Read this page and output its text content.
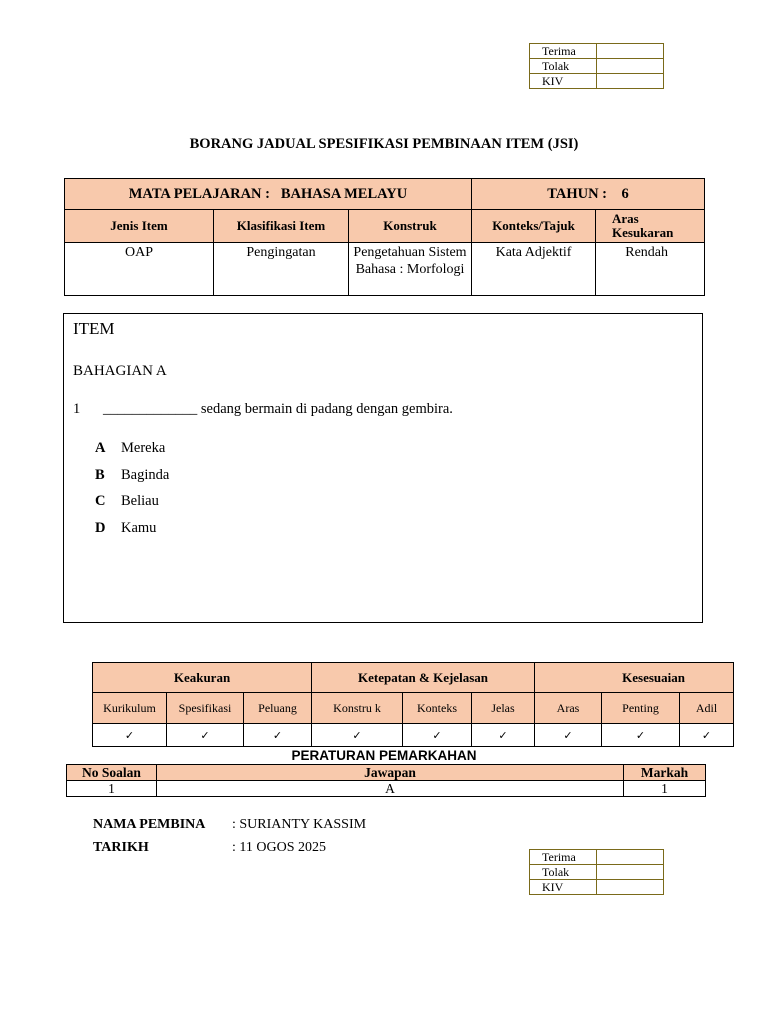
Terima	
Tolak	
KIV	
BORANG JADUAL SPESIFIKASI PEMBINAAN ITEM (JSI)
MATA PELAJARAN : BAHASA MELAYU			TAHUN : 6	
Jenis Item	Klasifikasi Item	Konstruk	Konteks/Tajuk	Aras Kesukaran
OAP	Pengingatan	Pengetahuan Sistem Bahasa : Morfologi	Kata Adjektif	Rendah
ITEM
BAHAGIAN A
1 _____________ sedang bermain di padang dengan gembira.
A Mereka
B Baginda
C Beliau
D Kamu
Keakuran			Ketepatan & Kejelasan			Kesesuaian		
Kurikulum	Spesifikasi	Peluang	Konstru k	Konteks	Jelas	Aras	Penting	Adil
✓	✓	✓	✓	✓	✓	✓	✓	✓
PERATURAN PEMARKAHAN
No Soalan	Jawapan	Markah
1	A	1
NAMA PEMBINA : SURIANTY KASSIM
TARIKH	: 11 OGOS 2025
Terima	
Tolak	
KIV	
